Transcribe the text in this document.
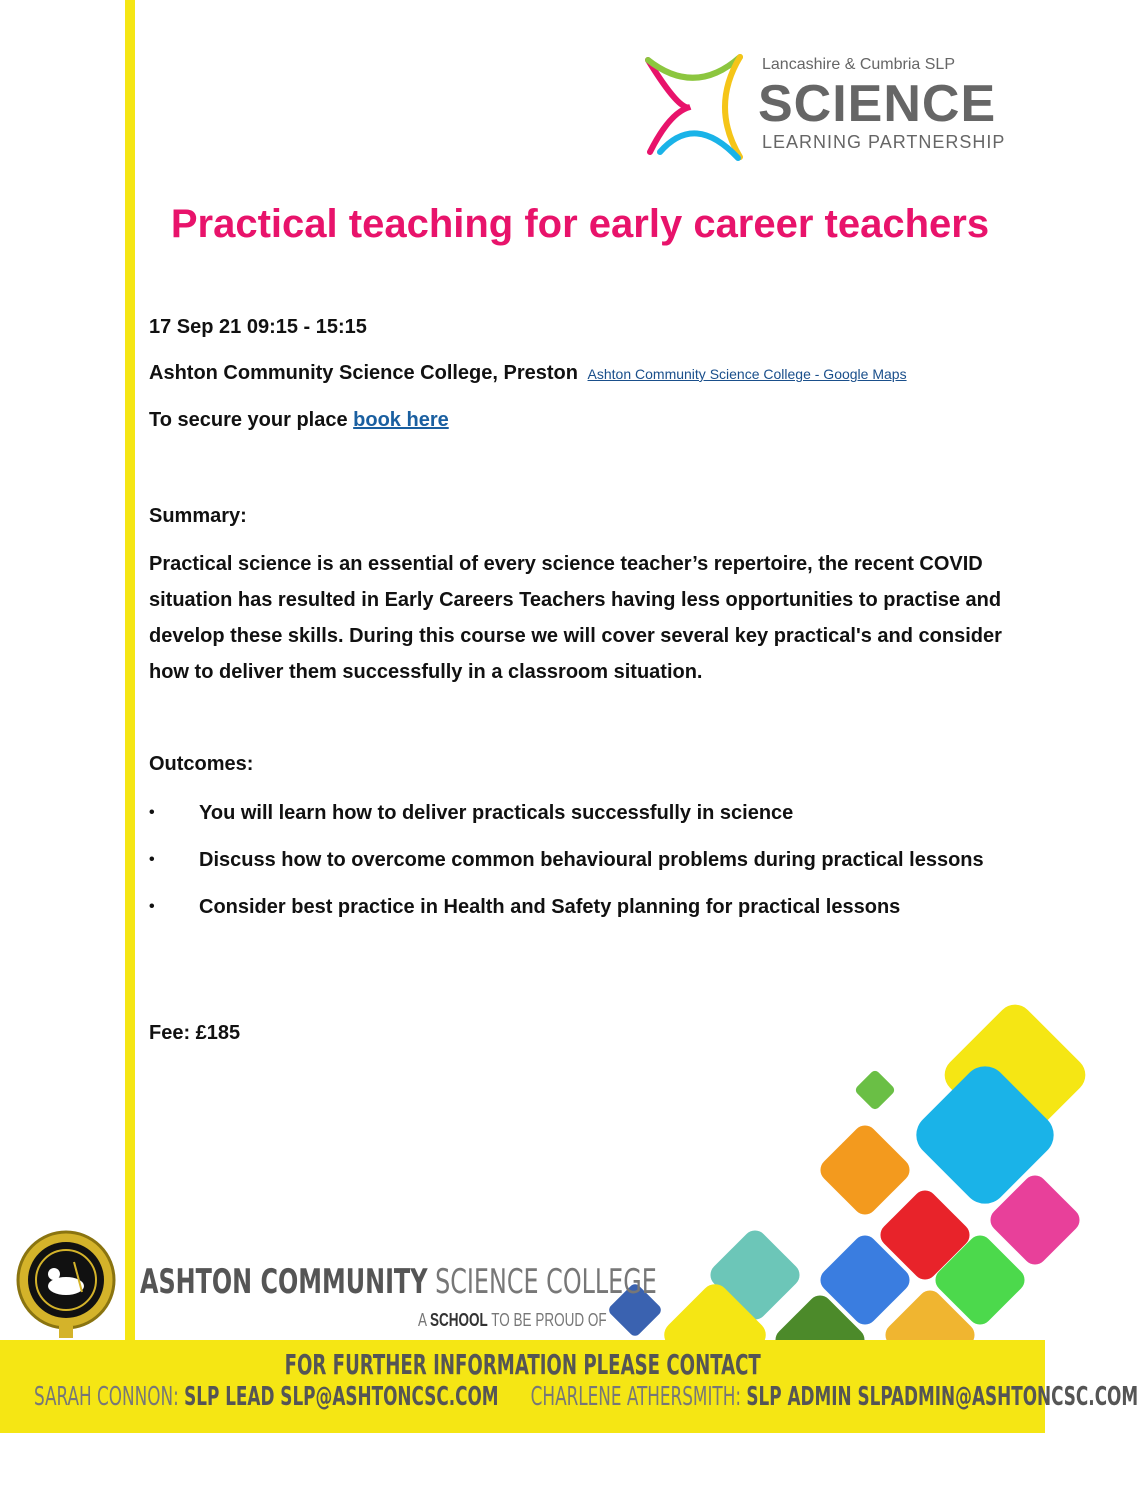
Lancashire & Cumbria SLP
SCIENCE
LEARNING PARTNERSHIP
Practical teaching for early career teachers
17 Sep 21 09:15 - 15:15
Ashton Community Science College, Preston Ashton Community Science College - Google Maps
To secure your place book here
Summary:

Practical science is an essential of every science teacher’s repertoire, the recent COVID situation has resulted in Early Careers Teachers having less opportunities to practise and develop these skills. During this course we will cover several key practical's and consider how to deliver them successfully in a classroom situation.

Outcomes:
• You will learn how to deliver practicals successfully in science
• Discuss how to overcome common behavioural problems during practical lessons
• Consider best practice in Health and Safety planning for practical lessons
Fee: £185
ASHTON COMMUNITY SCIENCE COLLEGE
A SCHOOL TO BE PROUD OF
FOR FURTHER INFORMATION PLEASE CONTACT
SARAH CONNON: SLP LEAD SLP@ASHTONCSC.COM CHARLENE ATHERSMITH: SLP ADMIN SLPADMIN@ASHTONCSC.COM
